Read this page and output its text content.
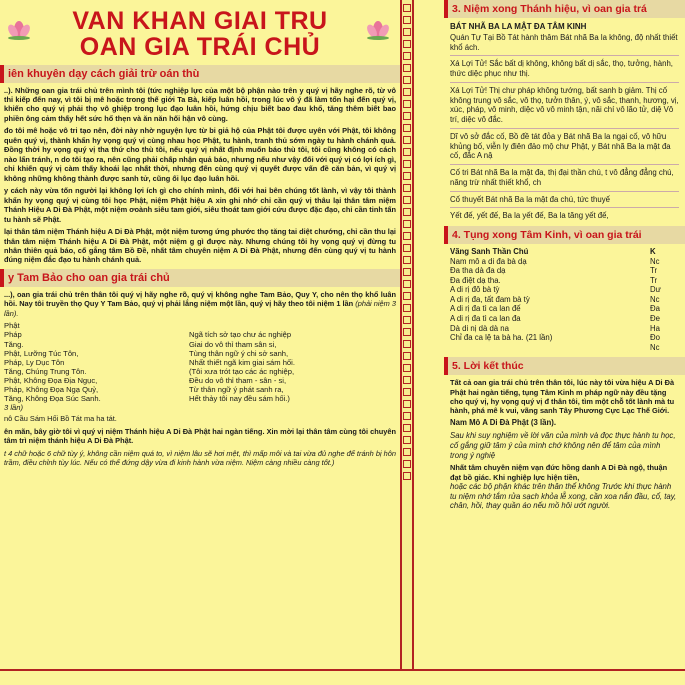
VAN KHAN GIAI TRU
OAN GIA TRÁI CHỦ
iên khuyên dạy cách giải trừ oán thù
..). Những oan gia trái chủ trên mình tôi (tức nghiệp lực của một bộ phận nào trên y quý vị hãy nghe rõ, từ vô thỉ kiếp đến nay, vì tôi bị mê hoặc trong thế giới Ta Bà, kiếp luân hồi, trong lúc vô ý đã làm tổn hại đến quý vị, khiến cho quý vị phải thọ vô ghiệp trong lục đạo luân hồi, hứng chịu biết bao đau khổ, tăng thêm biết bao phiền ông cảm thấy hết sức hổ thẹn và ăn năn hối hận vô cùng.
đo tôi mê hoặc vô tri tạo nên, đời này nhờ nguyện lực từ bi giả hộ của Phật tôi được uyên với Phật, tôi không quên quý vị, thành khẩn hy vọng quý vị cùng nhau học Phật, tu hành, tranh thủ sớm ngày tu hành chánh quả. Đồng thời hy vọng quý vị tha thứ cho thù tôi, nếu quý vị nhất định muốn báo thù tôi, tôi cũng không có cách nào lẩn tránh, n do tôi tạo ra, nên cũng phải chấp nhận quả báo, nhưng nếu như vậy đối với quý vị có lợi ích gì, chỉ khiến quý vị càm thấy khoái lạc nhất thời, nhưng đến cùng quý vị quyết được vấn đề căn bản, vì quý vị không những không thành được sanh tử, cũng ối lục đạo luân hồi.
y cách này vừa tốn người lại không lợi ích gì cho chính mình, đối với hai bên chúng tốt lành, vì vậy tôi thành khẩn hy vọng quý vị cùng tôi học Phật, niệm Phật hiệu A xin ghi nhớ chỉ cần quý vị thâu lại thân tâm niệm Thánh Hiệu A Di Đà Phật, một niệm ơoành siêu tam giới, siêu thoát tam giới cứu được đặc đạo, chỉ cần tinh tấn tu hành sẽ Phật.
lại thân tâm niệm Thánh hiệu A Di Đà Phật, một niệm tương ứng phước thọ tăng tai diệt chướng, chỉ cần thu lại thân tâm niệm Thánh hiệu A Di Đà Phật, một niệm g gì được này. Nhưng chúng tôi hy vọng quý vị đừng tu nhân thiên quả báo, cố gắng tâm Bồ Đề, nhất tâm chuyên niệm A Di Đà Phật, nhưng đến cùng quý vị tu hành đúng niệm đắc đạo tu hành chánh quả.
y Tam Bảo cho oan gia trái chủ
...), oan gia trái chủ trên thân tôi quý vị hãy nghe rõ, quý vị không nghe Tam Bảo, Quy Y, cho nên thọ khổ luân hồi. Nay tôi truyền thọ Quy Y Tam Bảo, quý vị phải lắng niệm một lần, quý vị hãy theo tôi niệm 1 lần (phải niệm 3 lần).
Phật
Pháp
Tăng.
Phật, Lưỡng Túc Tôn,
Pháp, Ly Dục Tôn
Tăng, Chúng Trung Tôn.
Phật, Không Đọa Địa Ngục,
Pháp, Không Đọa Ngạ Quỷ,
Tăng, Không Đọa Súc Sanh.
3 lần)

Ngã tích sở tạo chư ác nghiệp
Giai do vô thỉ tham sân si,
Tùng thân ngữ ý chi sở sanh,
Nhất thiết ngã kim giai sám hối.
(Tôi xưa trót tạo các ác nghiệp,
Đều do vô thỉ tham - sân - si,
Từ thân ngữ ý phát sanh ra,
Hết thảy tôi nay đều sám hối.)
nô Cầu Sám Hối Bồ Tát ma ha tát.
ên mãn, bây giờ tôi vì quý vị niệm Thánh hiệu A Di Đà Phật hai ngàn tiếng. Xin mời lại thân tâm cùng tôi chuyên tâm trì niệm thánh hiệu A Di Đà Phật.
t 4 chữ hoặc 6 chữ tùy ý, không cần niệm quá to, vì niệm lâu sẽ hơi mệt, thì mấp môi và tai vừa đủ nghe để tránh bị hôn trầm, điều chỉnh tùy lúc. Nếu có thể đứng dậy vừa đi kinh hành vừa niệm. Niệm càng nhiều càng tốt.)
3. Niệm xong Thánh hiệu, vì oan gia trá
BÁT NHÃ BA LA MẬT ĐA TÂM KINH
Quán Tự Tại Bồ Tát hành thâm Bát nhã Ba la không, độ nhất thiết khổ ách.
Xá Lợi Tử! Sắc bất dị không, không bất dị sắc, thọ, tưởng, hành, thức diệc phục như thị.
Xá Lợi Tử! Thị chư pháp không tướng, bất sanh b giảm. Thị cố không trung vô sắc, vô thọ, tưởn thân, ý, vô sắc, thanh, hương, vị, xúc, pháp, vô minh, diệc vô vô minh tận, nãi chí vô lão tử, diệ Vô trí, diệc vô đắc.
Dĩ vô sở đắc cố, Bồ đề tát đỏa y Bát nhã Ba la ngại cố, vô hữu khủng bố, viễn ly điên đảo mộ chư Phật, y Bát nhã Ba la mật đa cố, đắc A nậ
Cố tri Bát nhã Ba la mật đa, thị đại thần chú, t vô đẳng đẳng chú, năng trừ nhất thiết khổ, ch
Cố thuyết Bát nhã Ba la mật đa chú, tức thuyế
Yết đế, yết đế, Ba la yết đế, Ba la tăng yết đế,
4. Tụng xong Tâm Kinh, vì oan gia trái
Vãng Sanh Thần Chú
Nam mô a di đa bà dạ
Đa tha dà đa dạ
Đa điệt dạ tha.
A di rị đô bà tỳ
A di rị đa, tất đam bà tỳ
A di rị đa tì ca lan đế
A di rị đa tì ca lan đa
Dà di nị dà dà na
Chỉ đa ca lệ ta bà ha. (21 lần)
K
Nc
Tr
Tr
Dư
Nc
Đa
Đe
Ha
Đo
Nc
5. Lời kết thúc
Tất cả oan gia trái chủ trên thân tôi, lúc này tôi vừa hiệu A Di Đà Phật hai ngàn tiếng, tụng Tâm Kinh m pháp ngữ này đều tặng cho quý vị, hy vọng quý vị đ thân tôi, tìm một chỗ tốt lành mà tu hành, phá mê k vui, vãng sanh Tây Phương Cực Lạc Thế Giới.
Nam Mô A Di Đà Phật (3 lần).
Sau khi suy nghiệm về lời văn của mình và đọc thực hành tu học, cố gắng giữ tâm ý của mình chớ không nên để tâm của mình trong ý nghiệ
Nhất tâm chuyên niệm vạn đức hồng danh A Di Đà ngộ, thuận đạt bồ giác. Khi nghiệp lực hiện tiền,
hoặc các bộ phận khác trên thân thể không Trước khi thực hành tu niệm nhớ tắm rửa sạch khỏa lễ xong, cần xoa nắn đầu, cổ, tay, chân, hồi, thay quần áo nếu mồ hôi ướt người.
